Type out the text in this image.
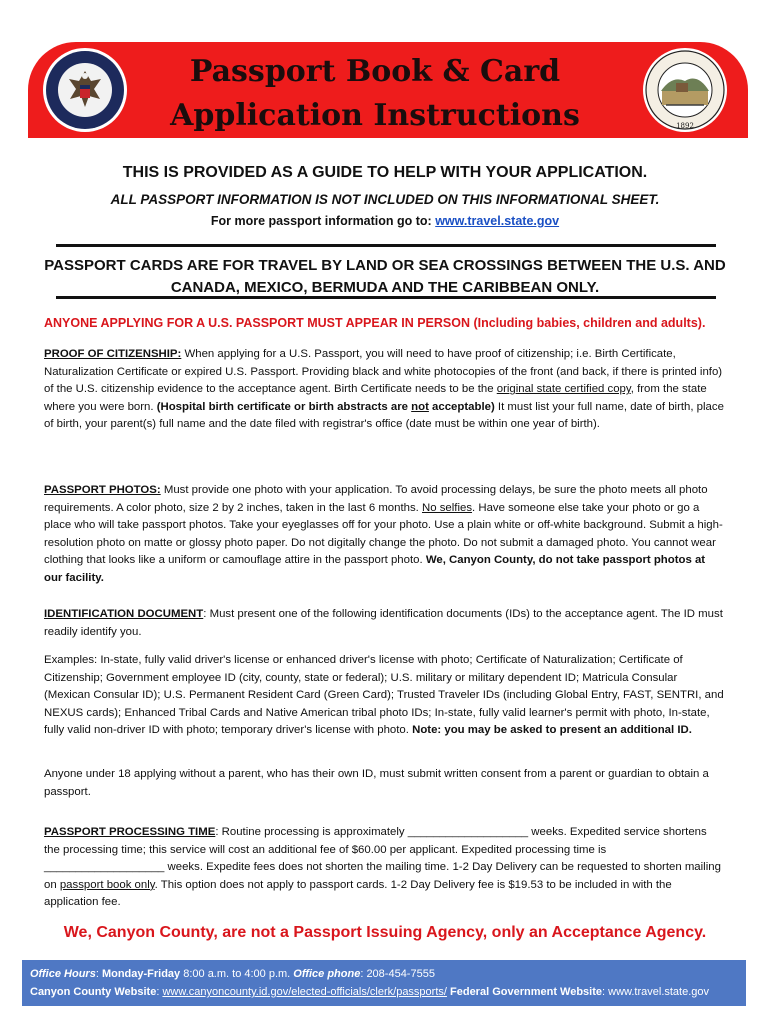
1892
Passport Book & Card
Application Instructions
THIS IS PROVIDED AS A GUIDE TO HELP WITH YOUR APPLICATION.
ALL PASSPORT INFORMATION IS NOT INCLUDED ON THIS INFORMATIONAL SHEET.
For more passport information go to: www.travel.state.gov
PASSPORT CARDS ARE FOR TRAVEL BY LAND OR SEA CROSSINGS BETWEEN THE U.S. AND
CANADA, MEXICO, BERMUDA AND THE CARIBBEAN ONLY.
ANYONE APPLYING FOR A U.S. PASSPORT MUST APPEAR IN PERSON (Including babies, children and adults).
PROOF OF CITIZENSHIP: When applying for a U.S. Passport, you will need to have proof of citizenship; i.e. Birth Certificate, Naturalization Certificate or expired U.S. Passport. Providing black and white photocopies of the front (and back, if there is printed info) of the U.S. citizenship evidence to the acceptance agent. Birth Certificate needs to be the original state certified copy, from the state where you were born. (Hospital birth certificate or birth abstracts are not acceptable) It must list your full name, date of birth, place of birth, your parent(s) full name and the date filed with registrar's office (date must be within one year of birth).
PASSPORT PHOTOS: Must provide one photo with your application. To avoid processing delays, be sure the photo meets all photo requirements. A color photo, size 2 by 2 inches, taken in the last 6 months. No selfies. Have someone else take your photo or go a place who will take passport photos. Take your eyeglasses off for your photo. Use a plain white or off-white background. Submit a high-resolution photo on matte or glossy photo paper. Do not digitally change the photo. Do not submit a damaged photo. You cannot wear clothing that looks like a uniform or camouflage attire in the passport photo. We, Canyon County, do not take passport photos at our facility.
IDENTIFICATION DOCUMENT: Must present one of the following identification documents (IDs) to the acceptance agent. The ID must readily identify you.
Examples: In-state, fully valid driver's license or enhanced driver's license with photo; Certificate of Naturalization; Certificate of Citizenship; Government employee ID (city, county, state or federal); U.S. military or military dependent ID; Matricula Consular (Mexican Consular ID); U.S. Permanent Resident Card (Green Card); Trusted Traveler IDs (including Global Entry, FAST, SENTRI, and NEXUS cards); Enhanced Tribal Cards and Native American tribal photo IDs; In-state, fully valid learner's permit with photo, In-state, fully valid non-driver ID with photo; temporary driver's license with photo. Note: you may be asked to present an additional ID.
Anyone under 18 applying without a parent, who has their own ID, must submit written consent from a parent or guardian to obtain a passport.
PASSPORT PROCESSING TIME: Routine processing is approximately ___________________ weeks. Expedited service shortens the processing time; this service will cost an additional fee of $60.00 per applicant. Expedited processing time is ___________________ weeks. Expedite fees does not shorten the mailing time. 1-2 Day Delivery can be requested to shorten mailing on passport book only. This option does not apply to passport cards. 1-2 Day Delivery fee is $19.53 to be included in with the application fee.
We, Canyon County, are not a Passport Issuing Agency, only an Acceptance Agency.
Office Hours: Monday-Friday 8:00 a.m. to 4:00 p.m. Office phone: 208-454-7555
Canyon County Website: www.canyoncounty.id.gov/elected-officials/clerk/passports/ Federal Government Website: www.travel.state.gov
